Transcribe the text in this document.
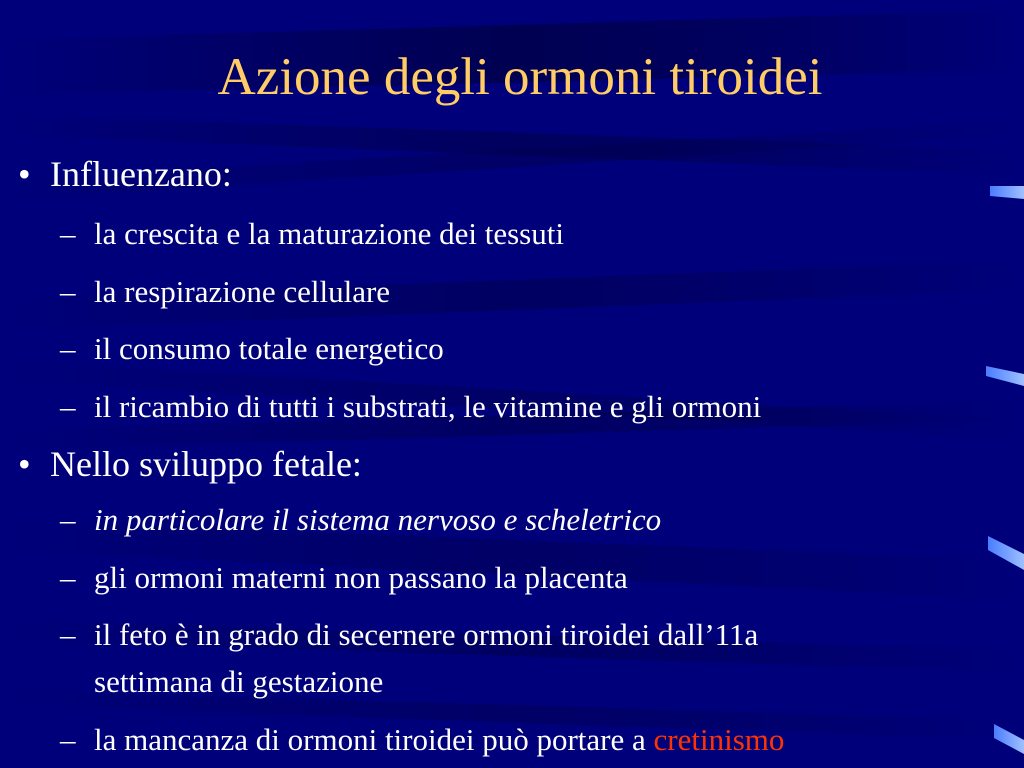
Azione degli ormoni tiroidei
• Influenzano:
– la crescita e la maturazione dei tessuti
– la respirazione cellulare
– il consumo totale energetico
– il ricambio di tutti i substrati, le vitamine e gli ormoni
• Nello sviluppo fetale:
– in particolare il sistema nervoso e scheletrico
– gli ormoni materni non passano la placenta
– il feto è in grado di secernere ormoni tiroidei dall’11a
settimana di gestazione
– la mancanza di ormoni tiroidei può portare a cretinismo
